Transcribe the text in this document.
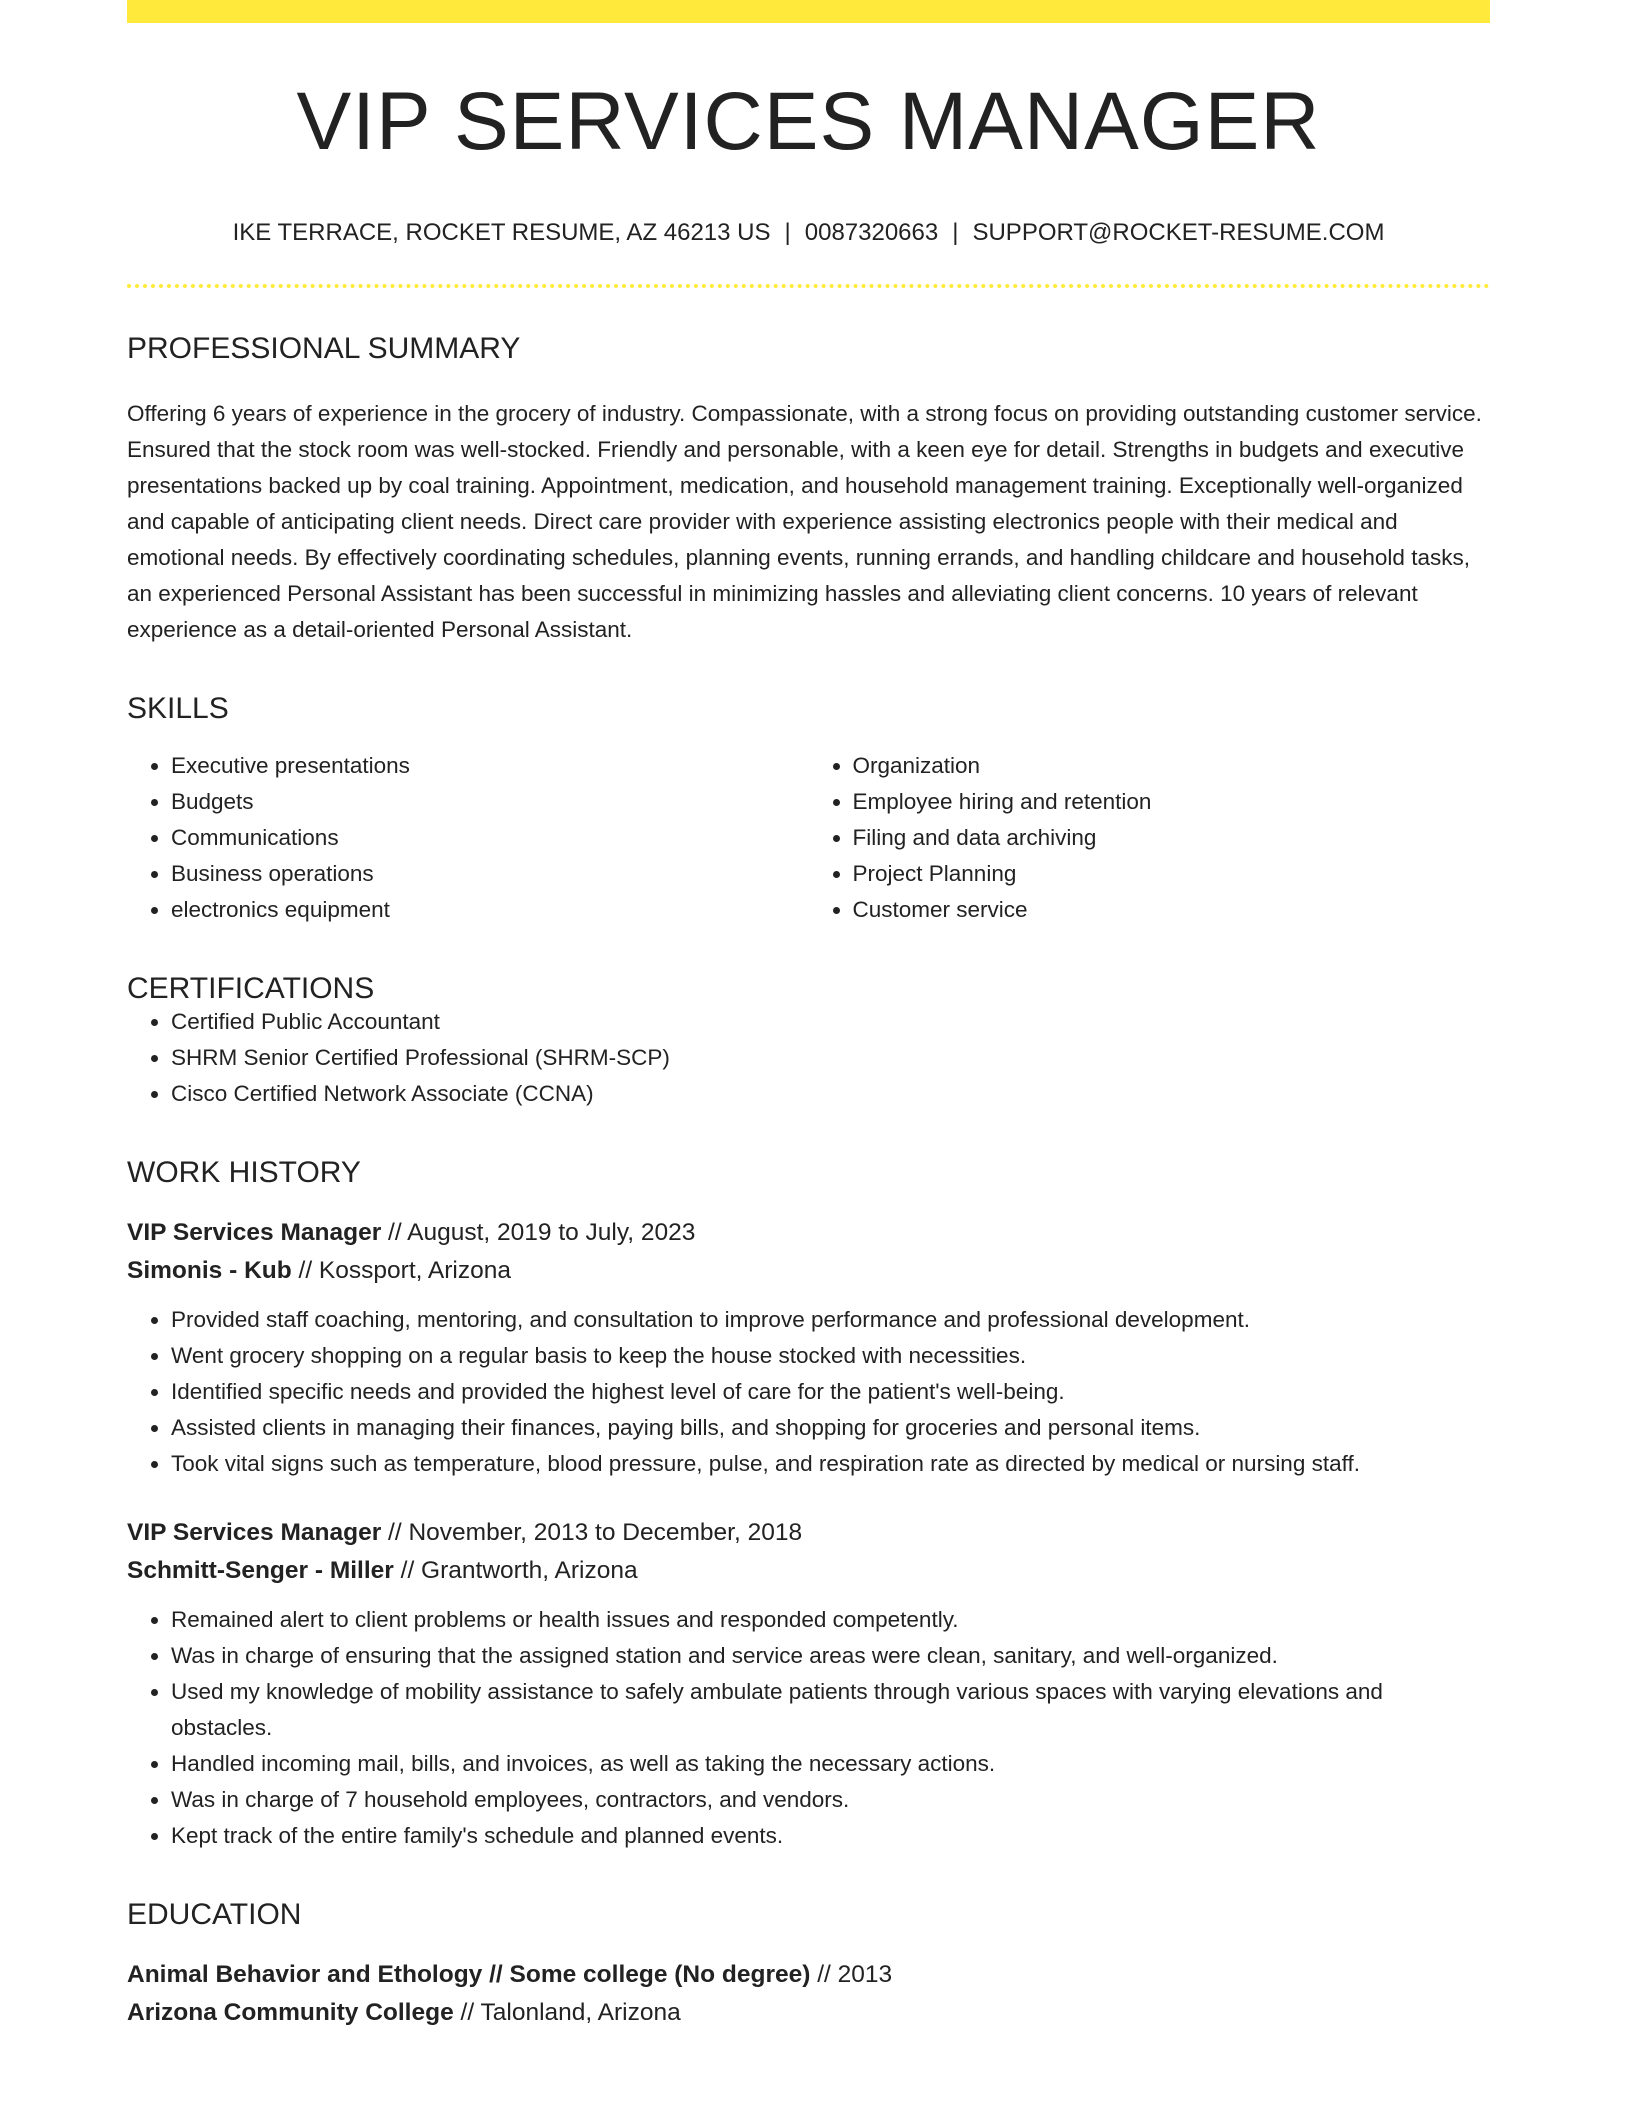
VIP SERVICES MANAGER
IKE TERRACE, ROCKET RESUME, AZ 46213 US | 0087320663 | SUPPORT@ROCKET-RESUME.COM
PROFESSIONAL SUMMARY
Offering 6 years of experience in the grocery of industry. Compassionate, with a strong focus on providing outstanding customer service. Ensured that the stock room was well-stocked. Friendly and personable, with a keen eye for detail. Strengths in budgets and executive presentations backed up by coal training. Appointment, medication, and household management training. Exceptionally well-organized and capable of anticipating client needs. Direct care provider with experience assisting electronics people with their medical and emotional needs. By effectively coordinating schedules, planning events, running errands, and handling childcare and household tasks, an experienced Personal Assistant has been successful in minimizing hassles and alleviating client concerns. 10 years of relevant experience as a detail-oriented Personal Assistant.
SKILLS
• Executive presentations
• Budgets
• Communications
• Business operations
• electronics equipment
• Organization
• Employee hiring and retention
• Filing and data archiving
• Project Planning
• Customer service
CERTIFICATIONS
• Certified Public Accountant
• SHRM Senior Certified Professional (SHRM-SCP)
• Cisco Certified Network Associate (CCNA)
WORK HISTORY
VIP Services Manager // August, 2019 to July, 2023
Simonis - Kub // Kossport, Arizona
• Provided staff coaching, mentoring, and consultation to improve performance and professional development.
• Went grocery shopping on a regular basis to keep the house stocked with necessities.
• Identified specific needs and provided the highest level of care for the patient's well-being.
• Assisted clients in managing their finances, paying bills, and shopping for groceries and personal items.
• Took vital signs such as temperature, blood pressure, pulse, and respiration rate as directed by medical or nursing staff.
VIP Services Manager // November, 2013 to December, 2018
Schmitt-Senger - Miller // Grantworth, Arizona
• Remained alert to client problems or health issues and responded competently.
• Was in charge of ensuring that the assigned station and service areas were clean, sanitary, and well-organized.
• Used my knowledge of mobility assistance to safely ambulate patients through various spaces with varying elevations and obstacles.
• Handled incoming mail, bills, and invoices, as well as taking the necessary actions.
• Was in charge of 7 household employees, contractors, and vendors.
• Kept track of the entire family's schedule and planned events.
EDUCATION
Animal Behavior and Ethology // Some college (No degree) // 2013
Arizona Community College // Talonland, Arizona
